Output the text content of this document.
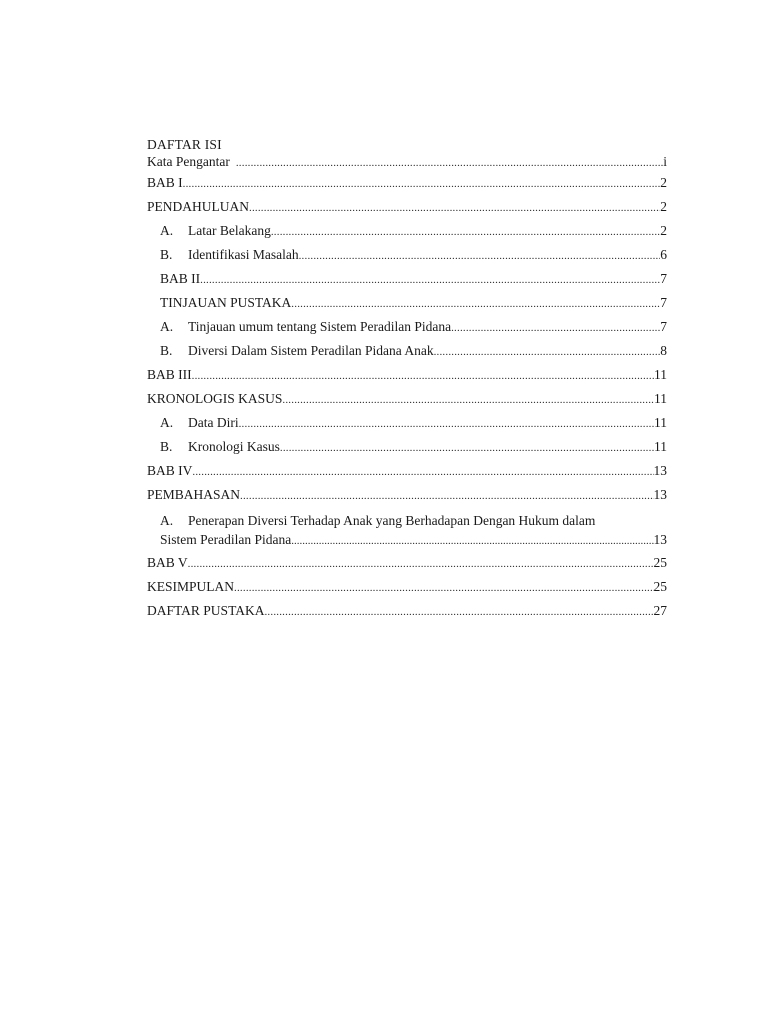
DAFTAR ISI
Kata Pengantar .....	i
BAB I .....	2
PENDAHULUAN .....	2
A.	Latar Belakang .....	2
B.	Identifikasi Masalah .....	6
BAB II .....	7
TINJAUAN PUSTAKA .....	7
A.	Tinjauan umum tentang Sistem Peradilan Pidana .....	7
B.	Diversi Dalam Sistem Peradilan Pidana Anak .....	8
BAB III .....	11
KRONOLOGIS KASUS .....	11
A.	Data Diri .....	11
B.	Kronologi Kasus .....	11
BAB IV .....	13
PEMBAHASAN .....	13
A. Penerapan Diversi Terhadap Anak yang Berhadapan Dengan Hukum dalam
Sistem Peradilan Pidana .....	13
BAB V .....	25
KESIMPULAN .....	25
DAFTAR PUSTAKA .....	27
